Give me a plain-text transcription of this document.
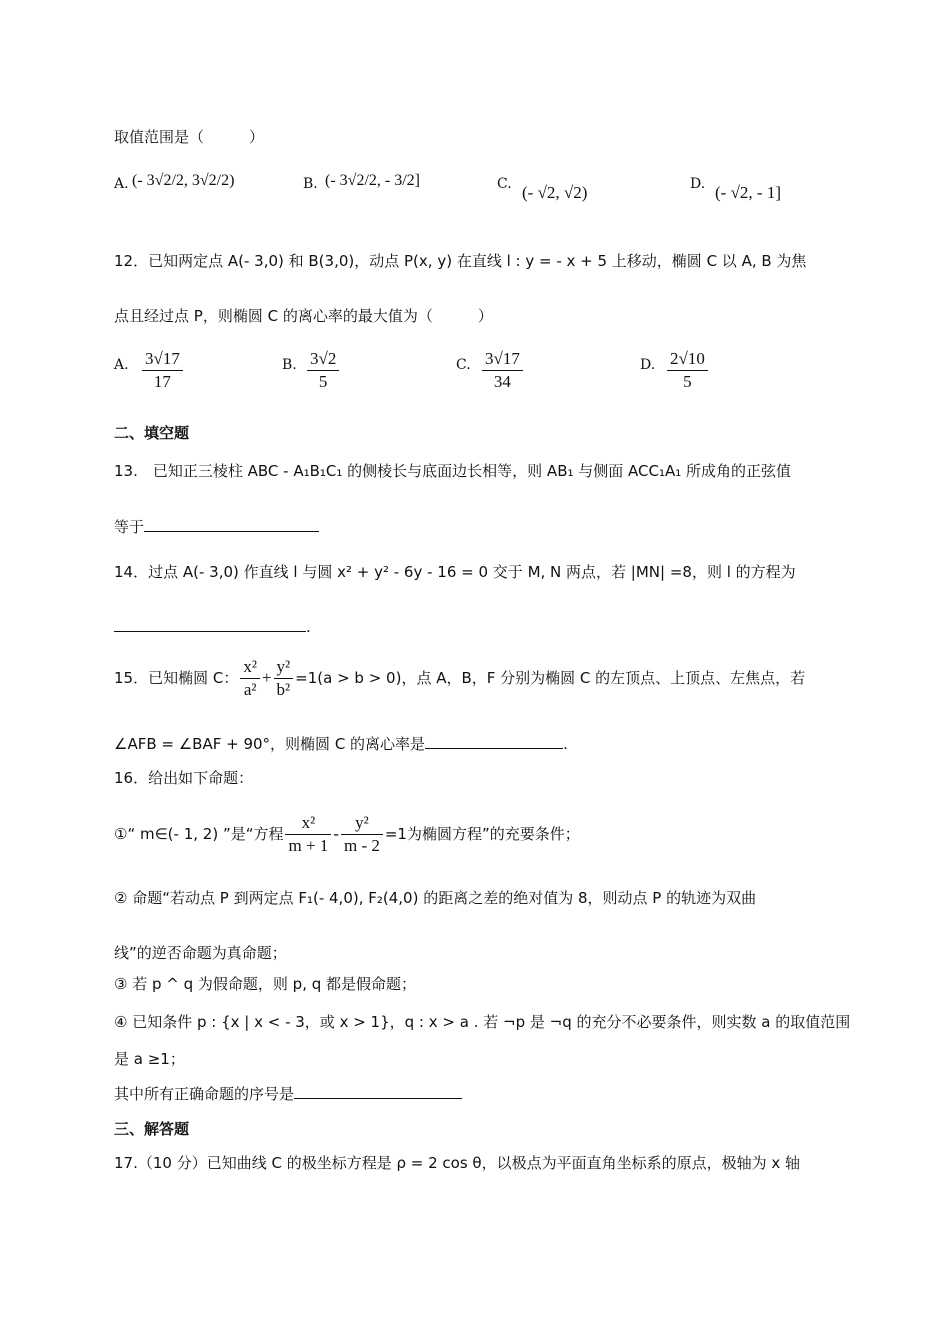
取值范围是（　　　）
A. (- 3√2/2, 3√2/2)	B. (- 3√2/2, - 3/2]	C. (- √2, √2)	D. (- √2, - 1]
12．已知两定点 A(- 3,0) 和 B(3,0)，动点 P(x, y) 在直线 l : y = - x + 5 上移动，椭圆 C 以 A, B 为焦
点且经过点 P，则椭圆 C 的离心率的最大值为（　　　）
A. $\frac{3√17}{17}$	B. $\frac{3√2}{5}$	C. $\frac{3√17}{34}$	D. $\frac{2√10}{5}$
二、填空题
13.　已知正三棱柱 ABC - A₁B₁C₁ 的侧棱长与底面边长相等，则 AB₁ 与侧面 ACC₁A₁ 所成角的正弦值
等于
14．过点 A(- 3,0) 作直线 l 与圆 x² + y² - 6y - 16 = 0 交于 M, N 两点，若 |MN| =8，则 l 的方程为
.
15．已知椭圆 C： $\frac{\text{x²}}{\text{a²}} + \frac{\text{y²}}{\text{b²}} =1(a > b > 0)$，点 A，B，F 分别为椭圆 C 的左顶点、上顶点、左焦点，若
∠AFB = ∠BAF + 90°，则椭圆 C 的离心率是	.
16．给出如下命题：
①“ m∈(- 1, 2) ”是“方程 $\frac{\text{x²}}{m + 1} - \frac{\text{y²}}{m - 2} =1$为椭圆方程”的充要条件；
② 命题“若动点 P 到两定点 F₁(- 4,0), F₂(4,0) 的距离之差的绝对值为 8，则动点 P 的轨迹为双曲
线”的逆否命题为真命题；
③ 若 p ^ q 为假命题，则 p, q 都是假命题；
④ 已知条件 p : {x | x < - 3，或 x > 1}，q : x > a . 若 ¬p 是 ¬q 的充分不必要条件，则实数 a 的取值范围
是 a ≥1；
其中所有正确命题的序号是
三、解答题
17.（10 分）已知曲线 C 的极坐标方程是 ρ = 2 cos θ，以极点为平面直角坐标系的原点，极轴为 x 轴
